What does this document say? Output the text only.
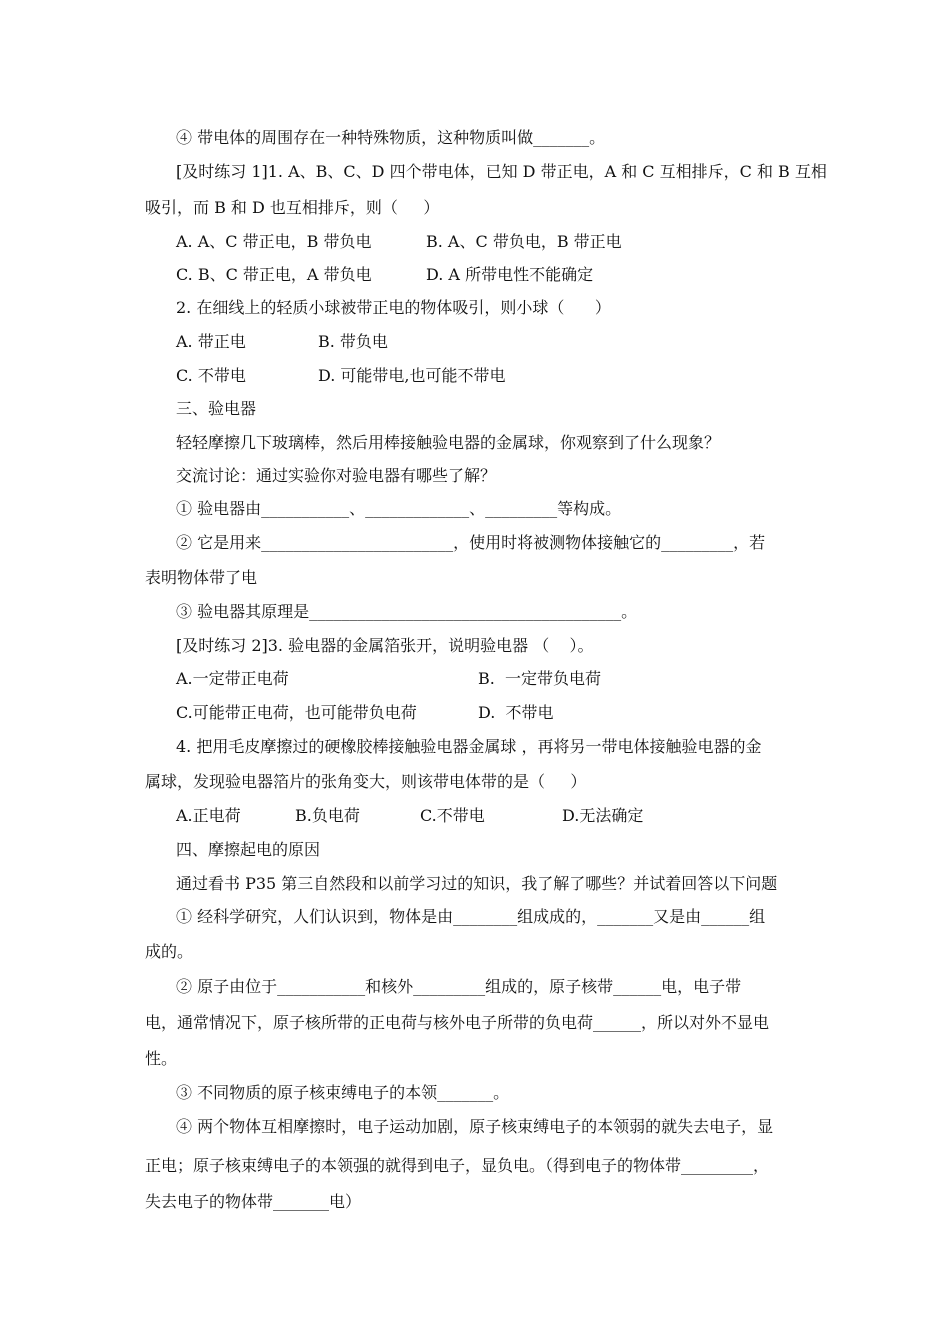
④ 带电体的周围存在一种特殊物质，这种物质叫做_______。
[及时练习 1]1. A、B、C、D 四个带电体，已知 D 带正电，A 和 C 互相排斥，C 和 B 互相
吸引，而 B 和 D 也互相排斥，则（     ）
A. A、C 带正电，B 带负电	B. A、C 带负电，B 带正电
C. B、C 带正电，A 带负电	D. A 所带电性不能确定
2. 在细线上的轻质小球被带正电的物体吸引，则小球（      ）
A. 带正电	B. 带负电
C. 不带电	D. 可能带电,也可能不带电
三、验电器
轻轻摩擦几下玻璃棒，然后用棒接触验电器的金属球，你观察到了什么现象？
交流讨论：通过实验你对验电器有哪些了解？
① 验电器由___________、_____________、_________等构成。
② 它是用来________________________，使用时将被测物体接触它的_________，若
表明物体带了电
③ 验电器其原理是_______________________________________。
[及时练习 2]3. 验电器的金属箔张开，说明验电器 （    ）。
A.一定带正电荷	B.  一定带负电荷
C.可能带正电荷，也可能带负电荷	D.  不带电
4. 把用毛皮摩擦过的硬橡胶棒接触验电器金属球 ，再将另一带电体接触验电器的金
属球，发现验电器箔片的张角变大，则该带电体带的是（     ）
A.正电荷	B.负电荷	C.不带电	D.无法确定
四、摩擦起电的原因
通过看书 P35 第三自然段和以前学习过的知识，我了解了哪些？并试着回答以下问题
① 经科学研究，人们认识到，物体是由________组成成的，_______又是由______组
成的。
② 原子由位于___________和核外_________组成的，原子核带______电，电子带
电，通常情况下，原子核所带的正电荷与核外电子所带的负电荷______，所以对外不显电
性。
③ 不同物质的原子核束缚电子的本领_______。
④ 两个物体互相摩擦时，电子运动加剧，原子核束缚电子的本领弱的就失去电子，显
正电；原子核束缚电子的本领强的就得到电子，显负电。（得到电子的物体带_________，
失去电子的物体带_______电）
